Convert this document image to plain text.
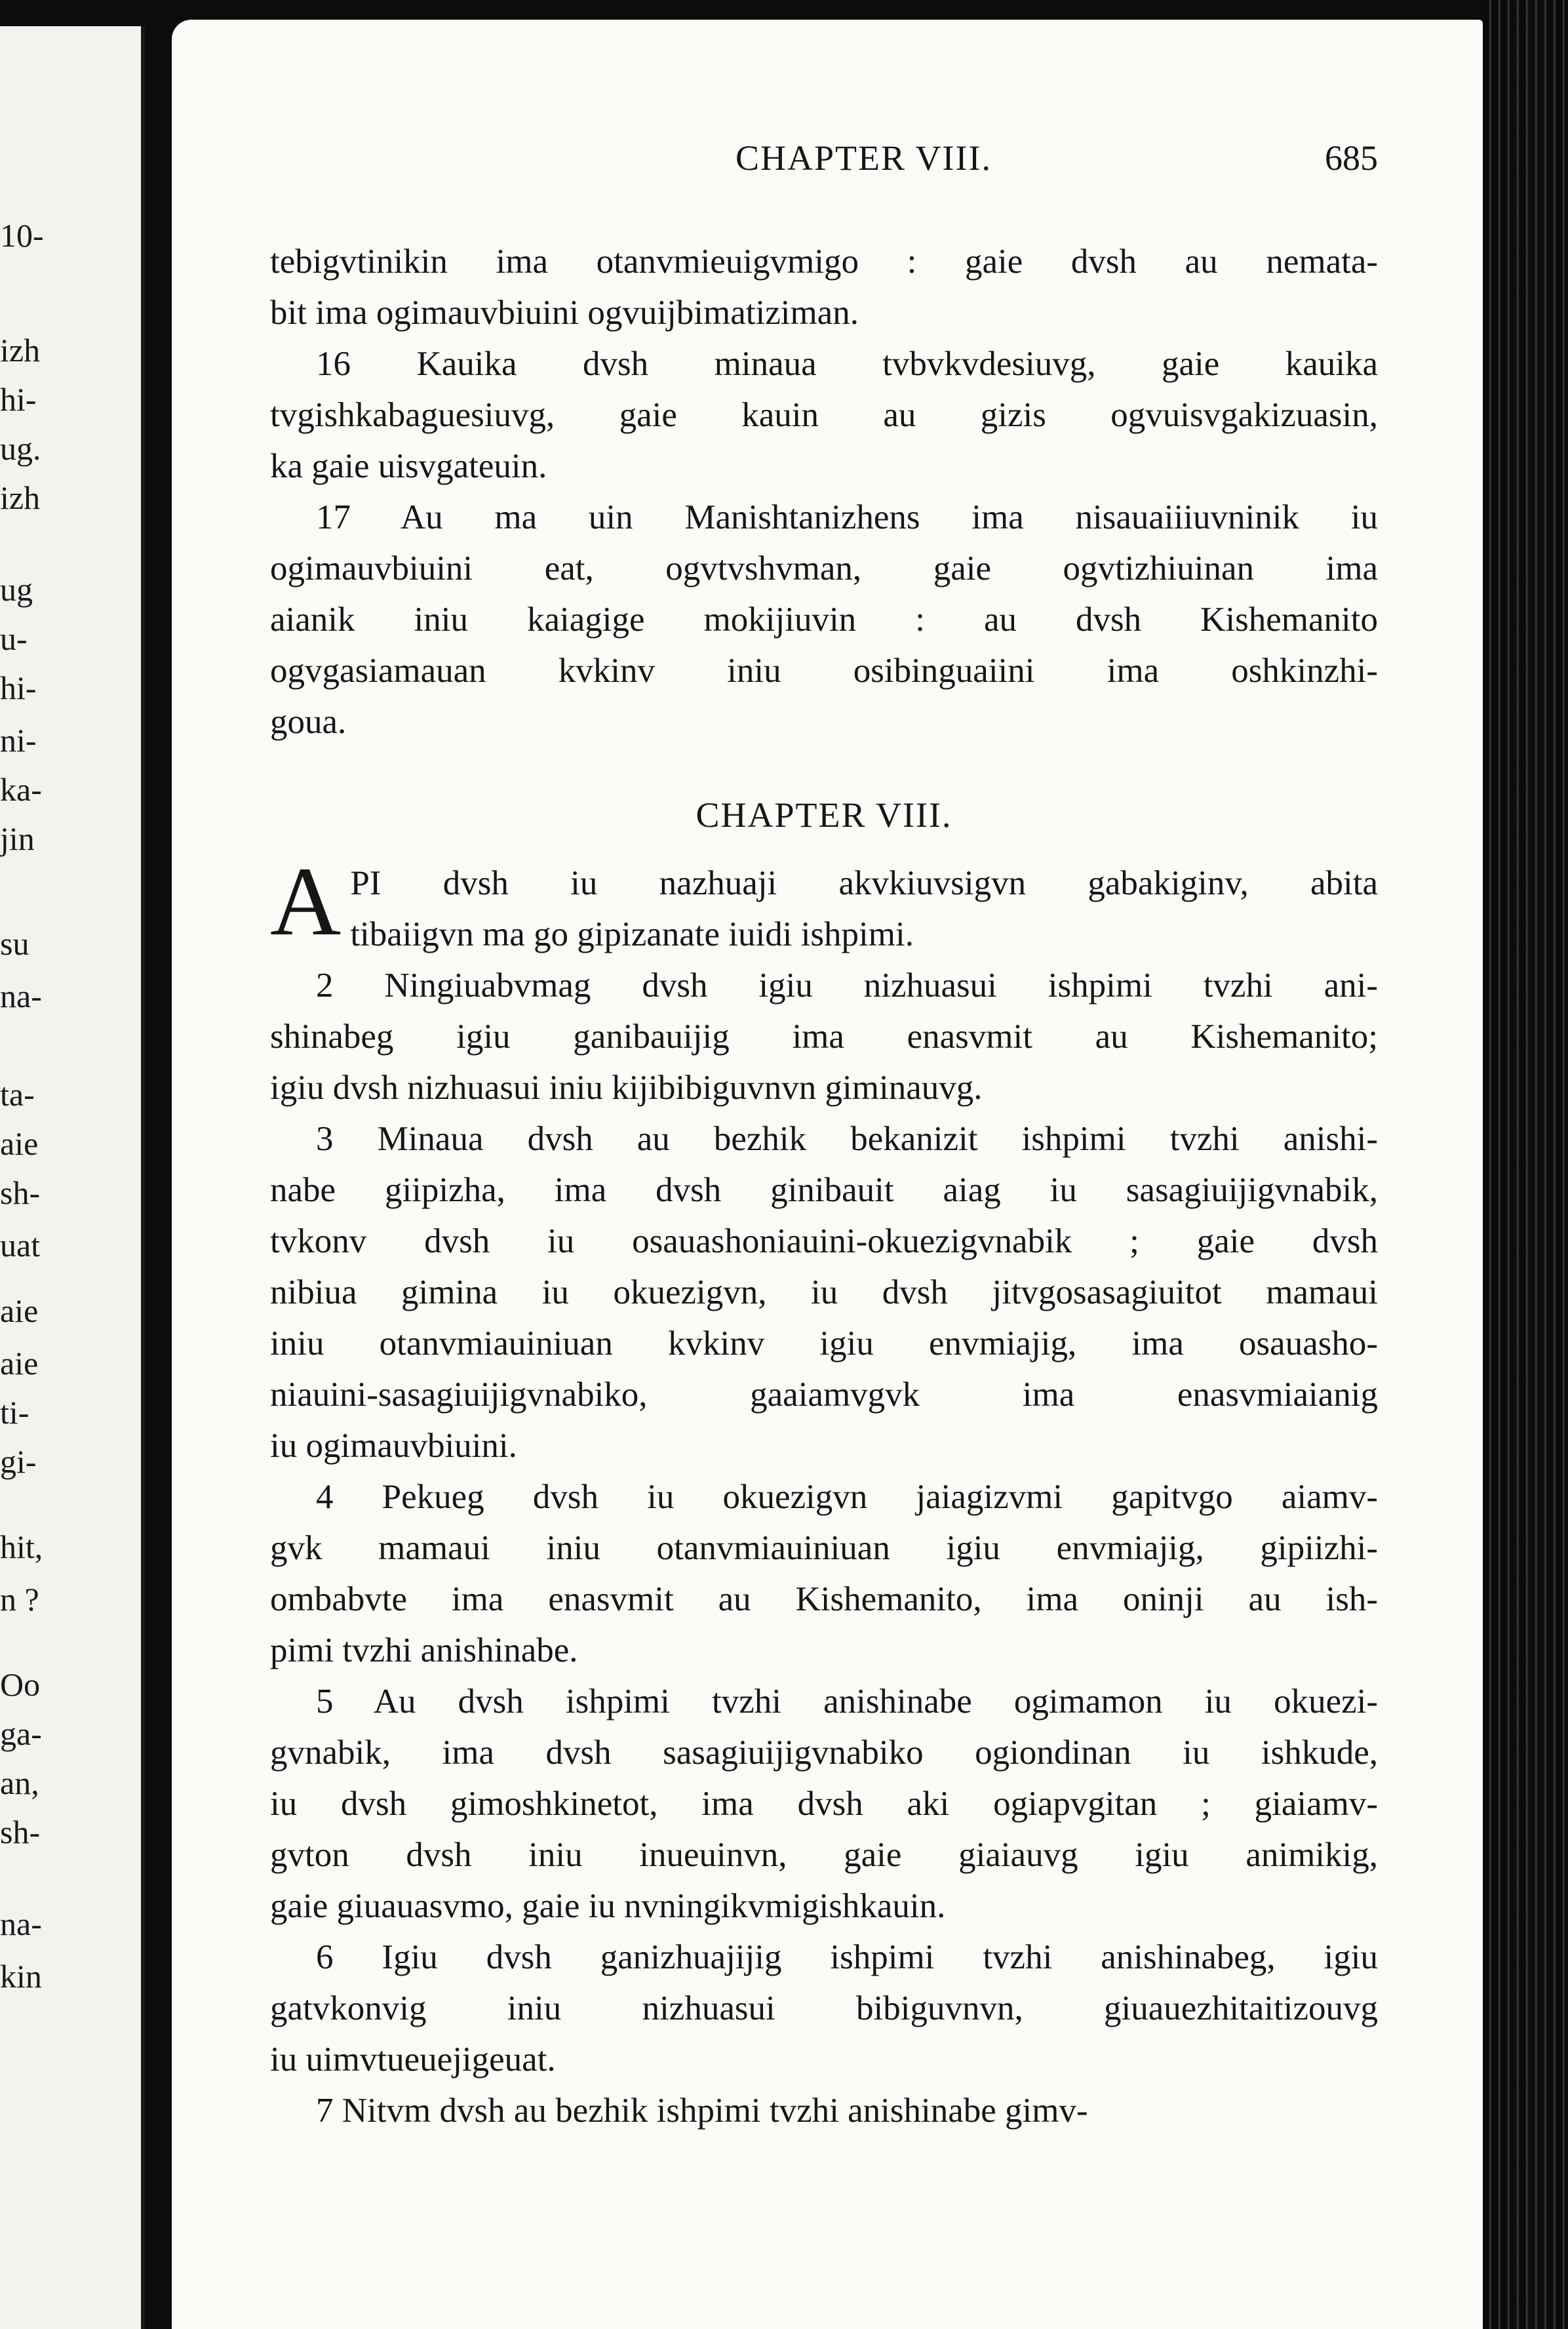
10-
izh
hi-
ug.
izh
ug
u-
hi-
ni-
ka-
jin
su
na-
ta-
aie
sh-
uat
aie
aie
ti-
gi-
hit,
n ?
Oo
ga-
an,
sh-
na-
kin
CHAPTER VIII.	685

tebigvtinikin ima otanvmieuigvmigo : gaie dvsh au nemata-
bit ima ogimauvbiuini ogvuijbimatiziman.

16 Kauika dvsh minaua tvbvkvdesiuvg, gaie kauika
tvgishkabaguesiuvg, gaie kauin au gizis ogvuisvgakizuasin,
ka gaie uisvgateuin.

17 Au ma uin Manishtanizhens ima nisauaiiiuvninik iu
ogimauvbiuini eat, ogvtvshvman, gaie ogvtizhiuinan ima
aianik iniu kaiagige mokijiuvin : au dvsh Kishemanito
ogvgasiamauan kvkinv iniu osibinguaiini ima oshkinzhi-
goua.

CHAPTER VIII.

A PI dvsh iu nazhuaji akvkiuvsigvn gabakiginv, abita
tibaiigvn ma go gipizanate iuidi ishpimi.

2 Ningiuabvmag dvsh igiu nizhuasui ishpimi tvzhi ani-
shinabeg igiu ganibauijig ima enasvmit au Kishemanito;
igiu dvsh nizhuasui iniu kijibibiguvnvn giminauvg.

3 Minaua dvsh au bezhik bekanizit ishpimi tvzhi anishi-
nabe giipizha, ima dvsh ginibauit aiag iu sasagiuijigvnabik,
tvkonv dvsh iu osauashoniauini-okuezigvnabik ; gaie dvsh
nibiua gimina iu okuezigvn, iu dvsh jitvgosasagiuitot mamaui
iniu otanvmiauiniuan kvkinv igiu envmiajig, ima osauasho-
niauini-sasagiuijigvnabiko, gaaiamvgvk ima enasvmiaianig
iu ogimauvbiuini.

4 Pekueg dvsh iu okuezigvn jaiagizvmi gapitvgo aiamv-
gvk mamaui iniu otanvmiauiniuan igiu envmiajig, gipiizhi-
ombabvte ima enasvmit au Kishemanito, ima oninji au ish-
pimi tvzhi anishinabe.

5 Au dvsh ishpimi tvzhi anishinabe ogimamon iu okuezi-
gvnabik, ima dvsh sasagiuijigvnabiko ogiondinan iu ishkude,
iu dvsh gimoshkinetot, ima dvsh aki ogiapvgitan ; giaiamv-
gvton dvsh iniu inueuinvn, gaie giaiauvg igiu animikig,
gaie giuauasvmo, gaie iu nvningikvmigishkauin.

6 Igiu dvsh ganizhuajijig ishpimi tvzhi anishinabeg, igiu
gatvkonvig iniu nizhuasui bibiguvnvn, giuauezhitaitizouvg
iu uimvtueuejigeuat.

7 Nitvm dvsh au bezhik ishpimi tvzhi anishinabe gimv-
